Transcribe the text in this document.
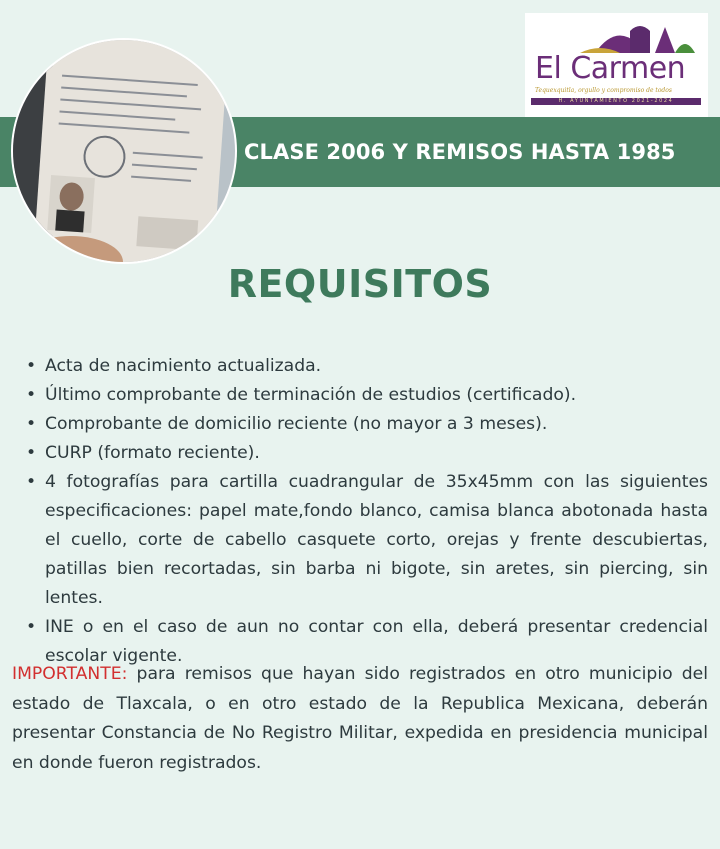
CLASE 2006 Y REMISOS HASTA 1985
El Carmen
Tequexquitla, orgullo y compromiso de todos
H. AYUNTAMIENTO 2021-2024
REQUISITOS
• Acta de nacimiento actualizada.
• Último comprobante de terminación de estudios (certificado).
• Comprobante de domicilio reciente (no mayor a 3 meses).
• CURP (formato reciente).
• 4 fotografías para cartilla cuadrangular de 35x45mm con las siguientes especificaciones: papel mate,fondo blanco, camisa blanca abotonada hasta el cuello, corte de cabello casquete corto, orejas y frente descubiertas, patillas bien recortadas, sin barba ni bigote, sin aretes, sin piercing, sin lentes.
• INE o en el caso de aun no contar con ella, deberá presentar credencial escolar vigente.
IMPORTANTE: para remisos que hayan sido registrados en otro municipio del estado de Tlaxcala, o en otro estado de la Republica Mexicana, deberán presentar Constancia de No Registro Militar, expedida en presidencia municipal en donde fueron registrados.
